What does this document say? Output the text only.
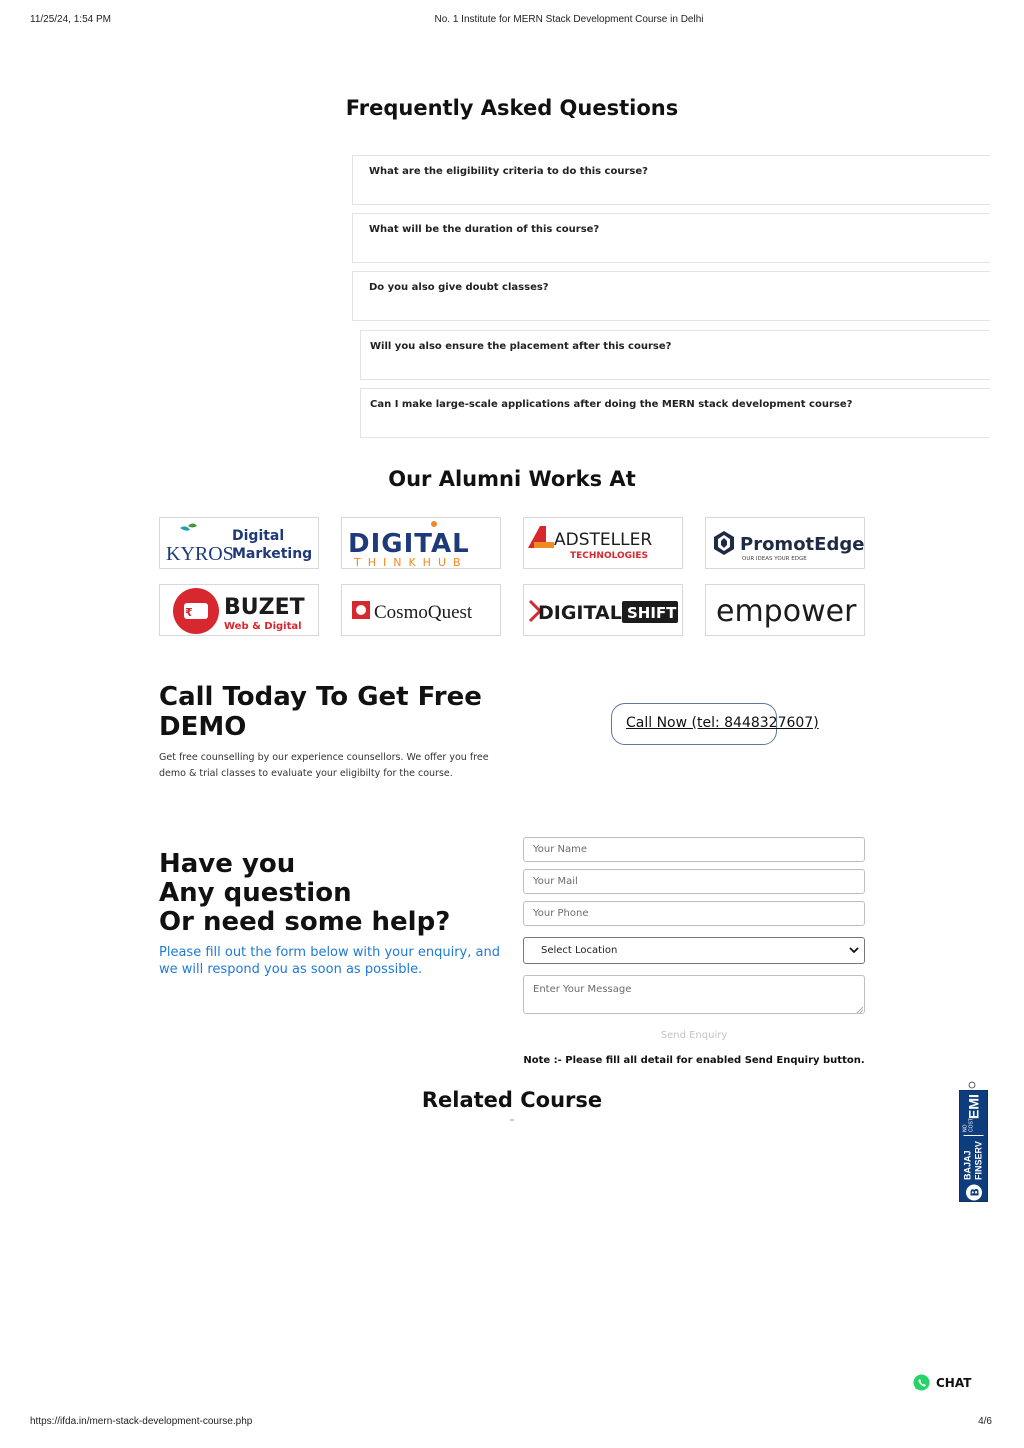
11/25/24, 1:54 PM	No. 1 Institute for MERN Stack Development Course in Delhi
Frequently Asked Questions
What are the eligibility criteria to do this course?
What will be the duration of this course?
Do you also give doubt classes?
Will you also ensure the placement after this course?
Can I make large-scale applications after doing the MERN stack development course?
Our Alumni Works At
KYROS
Digital
Marketing DIGITAL
THINKHUB
ADSTELLER
TECHNOLOGIES
PromotEdge
OUR IDEAS YOUR EDGE
₹ BUZET
Web & Digital
CosmoQuest	DIGITAL SHIFT empower
Call Today To Get Free DEMO
Get free counselling by our experience counsellors. We offer you free demo & trial classes to evaluate your eligibilty for the course.
Call Now (tel: 8448327607)
Have you
Any question
Or need some help?
Please fill out the form below with your enquiry, and we will respond you as soon as possible.
Your Name
Your Mail
Your Phone
Select Location
Enter Your Message
Send Enquiry
Note :- Please fill all detail for enabled Send Enquiry button.
Related Course
B
BAJAJ FINSERV
NO COST
EMI
CHAT
https://ifda.in/mern-stack-development-course.php	4/6
